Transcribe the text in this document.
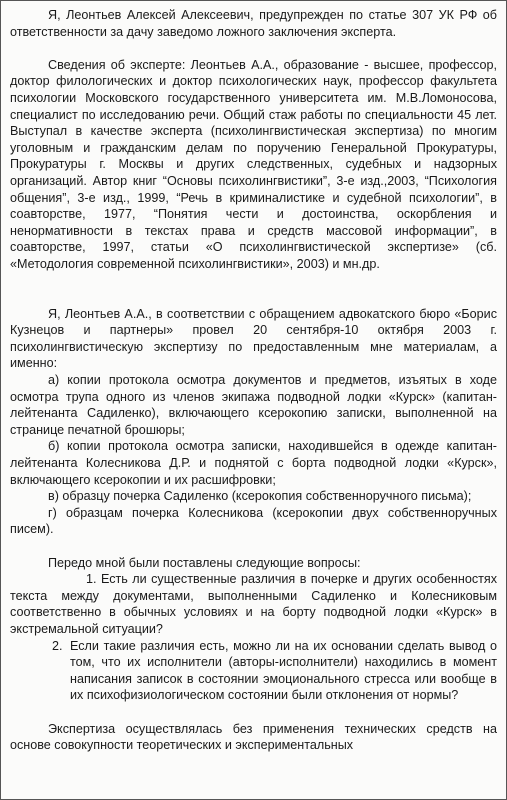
Я, Леонтьев Алексей Алексеевич, предупрежден по статье 307 УК РФ об ответственности за дачу заведомо ложного заключения эксперта.

Сведения об эксперте: Леонтьев А.А., образование - высшее, профессор, доктор филологических и доктор психологических наук, профессор факультета психологии Московского государственного университета им. М.В.Ломоносова, специалист по исследованию речи. Общий стаж работы по специальности 45 лет. Выступал в качестве эксперта (психолингвистическая экспертиза) по многим уголовным и гражданским делам по поручению Генеральной Прокуратуры, Прокуратуры г. Москвы и других следственных, судебных и надзорных организаций. Автор книг “Основы психолингвистики”, 3-е изд.,2003, “Психология общения”, 3-е изд., 1999, “Речь в криминалистике и судебной психологии”, в соавторстве, 1977, “Понятия чести и достоинства, оскорбления и ненормативности в текстах права и средств массовой информации”, в соавторстве, 1997, статьи «О психолингвистической экспертизе» (сб. «Методология современной психолингвистики», 2003) и мн.др.

Я, Леонтьев А.А., в соответствии с обращением адвокатского бюро «Борис Кузнецов и партнеры» провел 20 сентября-10 октября 2003 г. психолингвистическую экспертизу по предоставленным мне материалам, а именно:

а) копии протокола осмотра документов и предметов, изъятых в ходе осмотра трупа одного из членов экипажа подводной лодки «Курск» (капитан-лейтенанта Садиленко), включающего ксерокопию записки, выполненной на странице печатной брошюры;

б) копии протокола осмотра записки, находившейся в одежде капитан-лейтенанта Колесникова Д.Р. и поднятой с борта подводной лодки «Курск», включающего ксерокопии и их расшифровки;

в) образцу почерка Садиленко (ксерокопия собственноручного письма);

г) образцам почерка Колесникова (ксерокопии двух собственноручных писем).

Передо мной были поставлены следующие вопросы:

1. Есть ли существенные различия в почерке и других особенностях текста между документами, выполненными Садиленко и Колесниковым соответственно в обычных условиях и на борту подводной лодки «Курск» в экстремальной ситуации?
2. Если такие различия есть, можно ли на их основании сделать вывод о том, что их исполнители (авторы-исполнители) находились в момент написания записок в состоянии эмоционального стресса или вообще в их психофизиологическом состоянии были отклонения от нормы?

Экспертиза осуществлялась без применения технических средств на основе совокупности теоретических и экспериментальных
